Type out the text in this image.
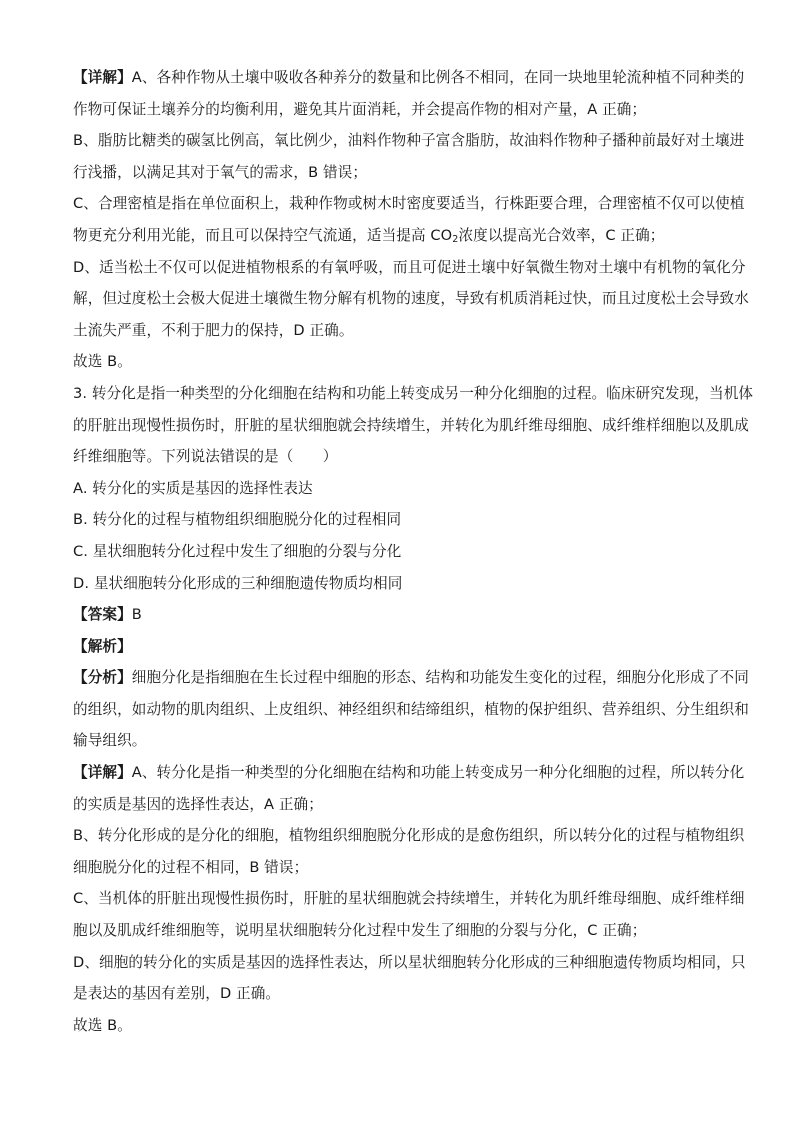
【详解】A、各种作物从土壤中吸收各种养分的数量和比例各不相同，在同一块地里轮流种植不同种类的
作物可保证土壤养分的均衡利用，避免其片面消耗，并会提高作物的相对产量，A 正确；
B、脂肪比糖类的碳氢比例高，氧比例少，油料作物种子富含脂肪，故油料作物种子播种前最好对土壤进
行浅播，以满足其对于氧气的需求，B 错误；
C、合理密植是指在单位面积上，栽种作物或树木时密度要适当，行株距要合理，合理密植不仅可以使植
物更充分利用光能，而且可以保持空气流通，适当提高 $CO_2$浓度以提高光合效率，C 正确；
D、适当松土不仅可以促进植物根系的有氧呼吸，而且可促进土壤中好氧微生物对土壤中有机物的氧化分
解，但过度松土会极大促进土壤微生物分解有机物的速度，导致有机质消耗过快，而且过度松土会导致水
土流失严重，不利于肥力的保持，D 正确。
故选 B。
3. 转分化是指一种类型的分化细胞在结构和功能上转变成另一种分化细胞的过程。临床研究发现，当机体
的肝脏出现慢性损伤时，肝脏的星状细胞就会持续增生，并转化为肌纤维母细胞、成纤维样细胞以及肌成
纤维细胞等。下列说法错误的是（　　）
A. 转分化的实质是基因的选择性表达
B. 转分化的过程与植物组织细胞脱分化的过程相同
C. 星状细胞转分化过程中发生了细胞的分裂与分化
D. 星状细胞转分化形成的三种细胞遗传物质均相同
【答案】B
【解析】
【分析】细胞分化是指细胞在生长过程中细胞的形态、结构和功能发生变化的过程，细胞分化形成了不同
的组织，如动物的肌肉组织、上皮组织、神经组织和结缔组织，植物的保护组织、营养组织、分生组织和
输导组织。
【详解】A、转分化是指一种类型的分化细胞在结构和功能上转变成另一种分化细胞的过程，所以转分化
的实质是基因的选择性表达，A 正确；
B、转分化形成的是分化的细胞，植物组织细胞脱分化形成的是愈伤组织，所以转分化的过程与植物组织
细胞脱分化的过程不相同，B 错误；
C、当机体的肝脏出现慢性损伤时，肝脏的星状细胞就会持续增生，并转化为肌纤维母细胞、成纤维样细
胞以及肌成纤维细胞等，说明星状细胞转分化过程中发生了细胞的分裂与分化，C 正确；
D、细胞的转分化的实质是基因的选择性表达，所以星状细胞转分化形成的三种细胞遗传物质均相同，只
是表达的基因有差别，D 正确。
故选 B。
